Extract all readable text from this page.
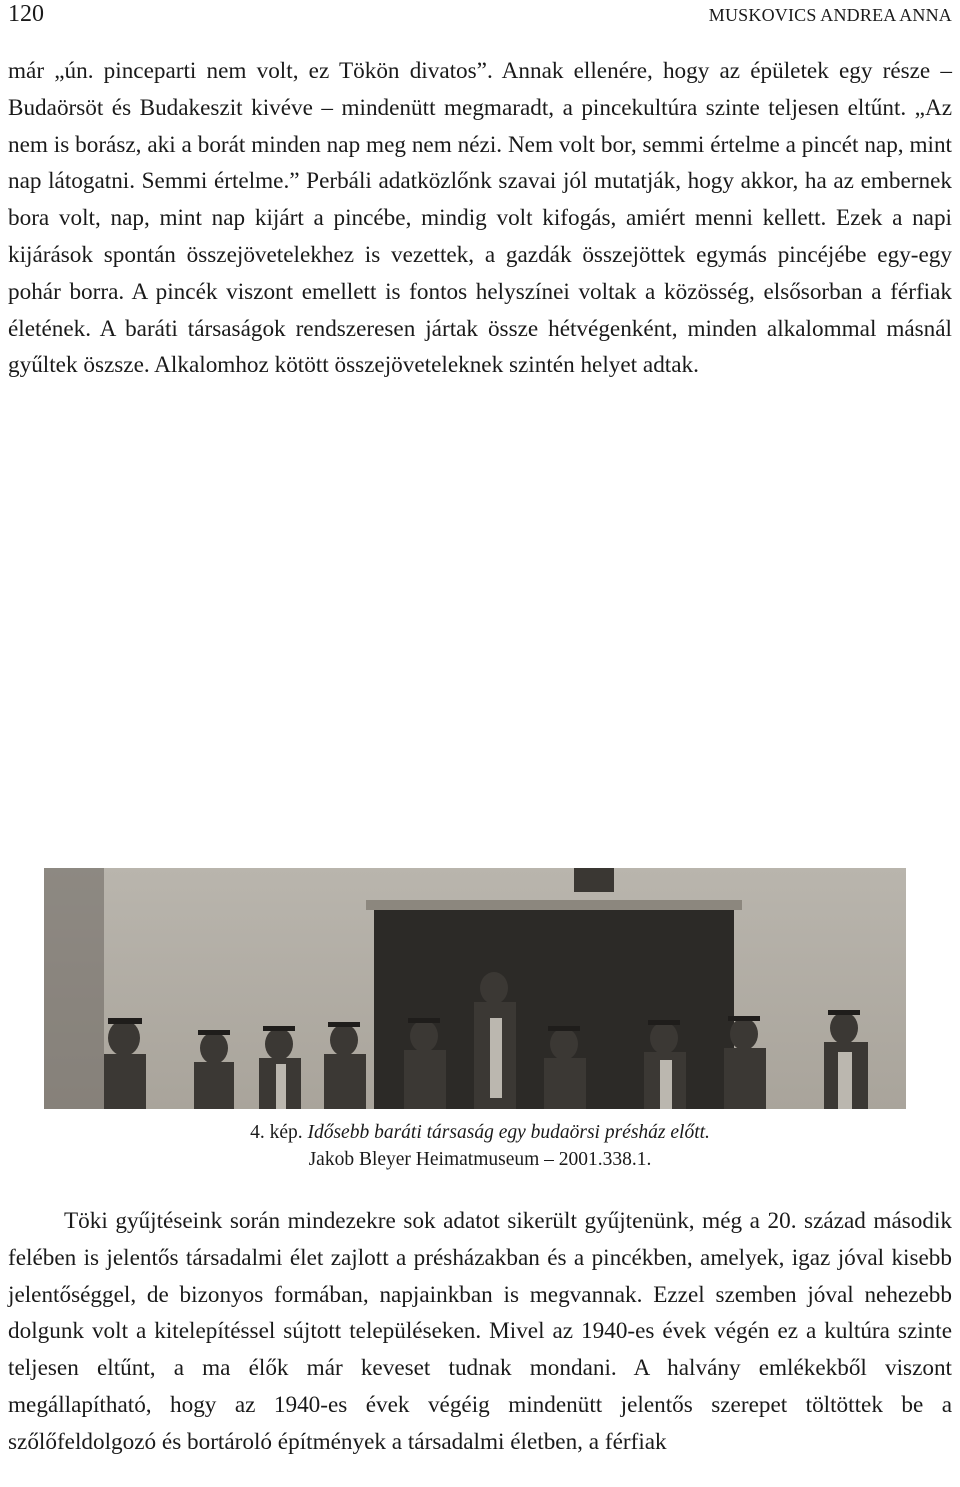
120	MUSKOVICS ANDREA ANNA

már „ún. pinceparti nem volt, ez Tökön divatos”. Annak ellenére, hogy az épületek egy része – Budaörsöt és Budakeszit kivéve – mindenütt megmaradt, a pincekultúra szinte teljesen eltűnt. „Az nem is borász, aki a borát minden nap meg nem nézi. Nem volt bor, semmi értelme a pincét nap, mint nap látogatni. Semmi értelme.” Perbáli adatközlőnk szavai jól mutatják, hogy akkor, ha az embernek bora volt, nap, mint nap kijárt a pincébe, mindig volt kifogás, amiért menni kellett. Ezek a napi kijárások spontán összejövetelekhez is vezettek, a gazdák összejöttek egymás pincéjébe egy-egy pohár borra. A pincék viszont emellett is fontos helyszínei voltak a közösség, elsősorban a férfiak életének. A baráti társaságok rendszeresen jártak össze hétvégenként, minden alkalommal másnál gyűltek öszsze. Alkalomhoz kötött összejöveteleknek szintén helyet adtak.

4. kép. Idősebb baráti társaság egy budaörsi présház előtt.

Jakob Bleyer Heimatmuseum – 2001.338.1.

Töki gyűjtéseink során mindezekre sok adatot sikerült gyűjtenünk, még a 20. század második felében is jelentős társadalmi élet zajlott a présházakban és a pincékben, amelyek, igaz jóval kisebb jelentőséggel, de bizonyos formában, napjainkban is megvannak. Ezzel szemben jóval nehezebb dolgunk volt a kitelepítéssel sújtott településeken. Mivel az 1940-es évek végén ez a kultúra szinte teljesen eltűnt, a ma élők már keveset tudnak mondani. A halvány emlékekből viszont megállapítható, hogy az 1940-es évek végéig mindenütt jelentős szerepet töltöttek be a szőlőfeldolgozó és bortároló építmények a társadalmi életben, a férfiak
